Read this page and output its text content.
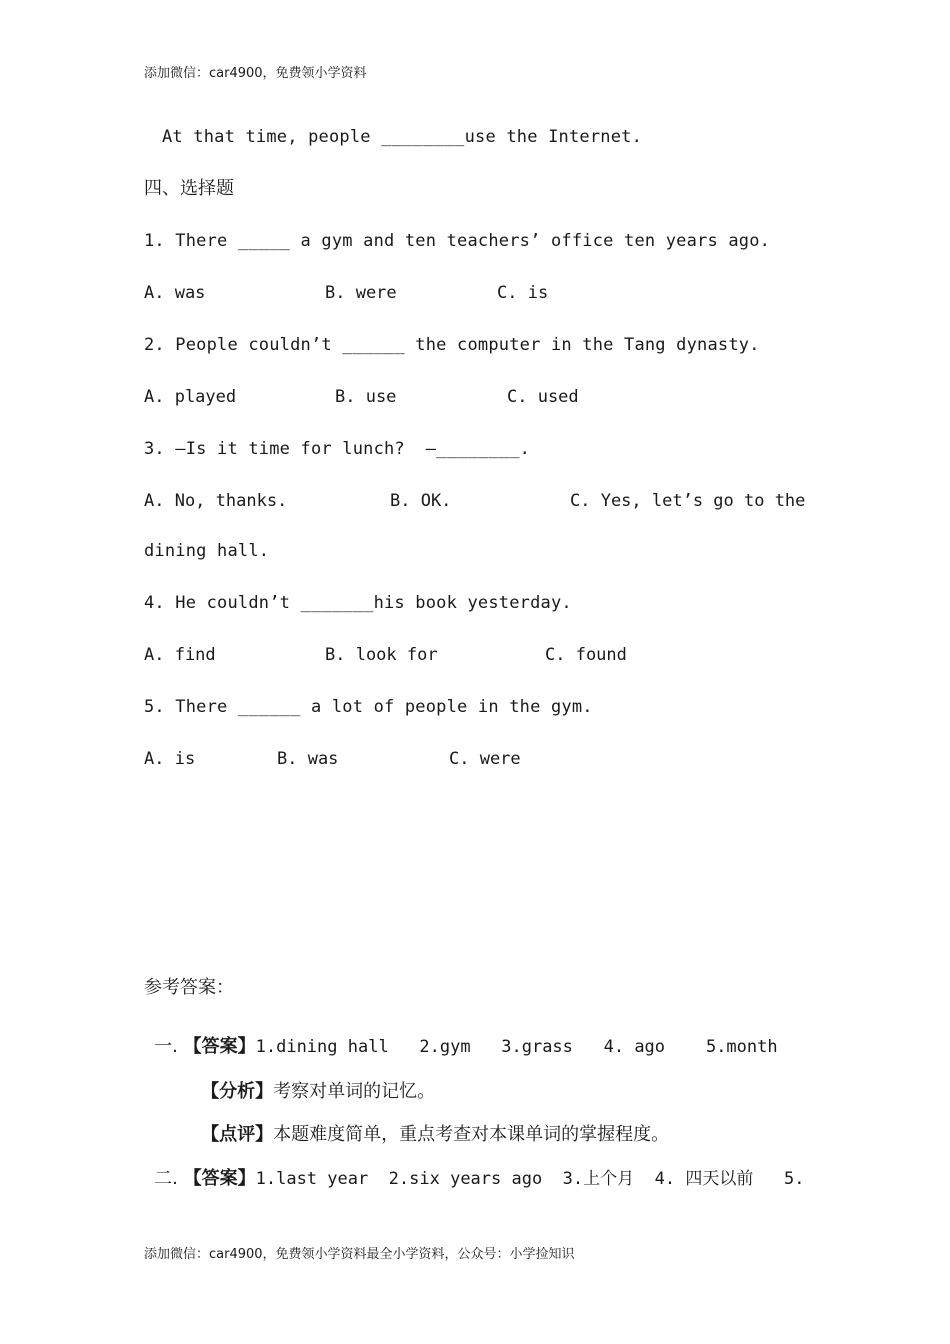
添加微信：car4900，免费领小学资料
At that time, people ________use the Internet.
四、选择题
1. There _____ a gym and ten teachers’ office ten years ago.
A. was	B. were	C. is
2. People couldn’t ______ the computer in the Tang dynasty.
A. played	B. use	C. used
3. —Is it time for lunch?  —________.
A. No, thanks.	B. OK.	C. Yes, let’s go to the
dining hall.
4. He couldn’t _______his book yesterday.
A. find	B. look for	C. found
5. There ______ a lot of people in the gym.
A. is	B. was	C. were
参考答案：

一. 【答案】1.dining hall   2.gym   3.grass   4. ago    5.month

【分析】考察对单词的记忆。

【点评】本题难度简单，重点考查对本课单词的掌握程度。

二. 【答案】1.last year  2.six years ago  3.上个月  4. 四天以前   5.

添加微信：car4900，免费领小学资料最全小学资料，公众号：小学捡知识
